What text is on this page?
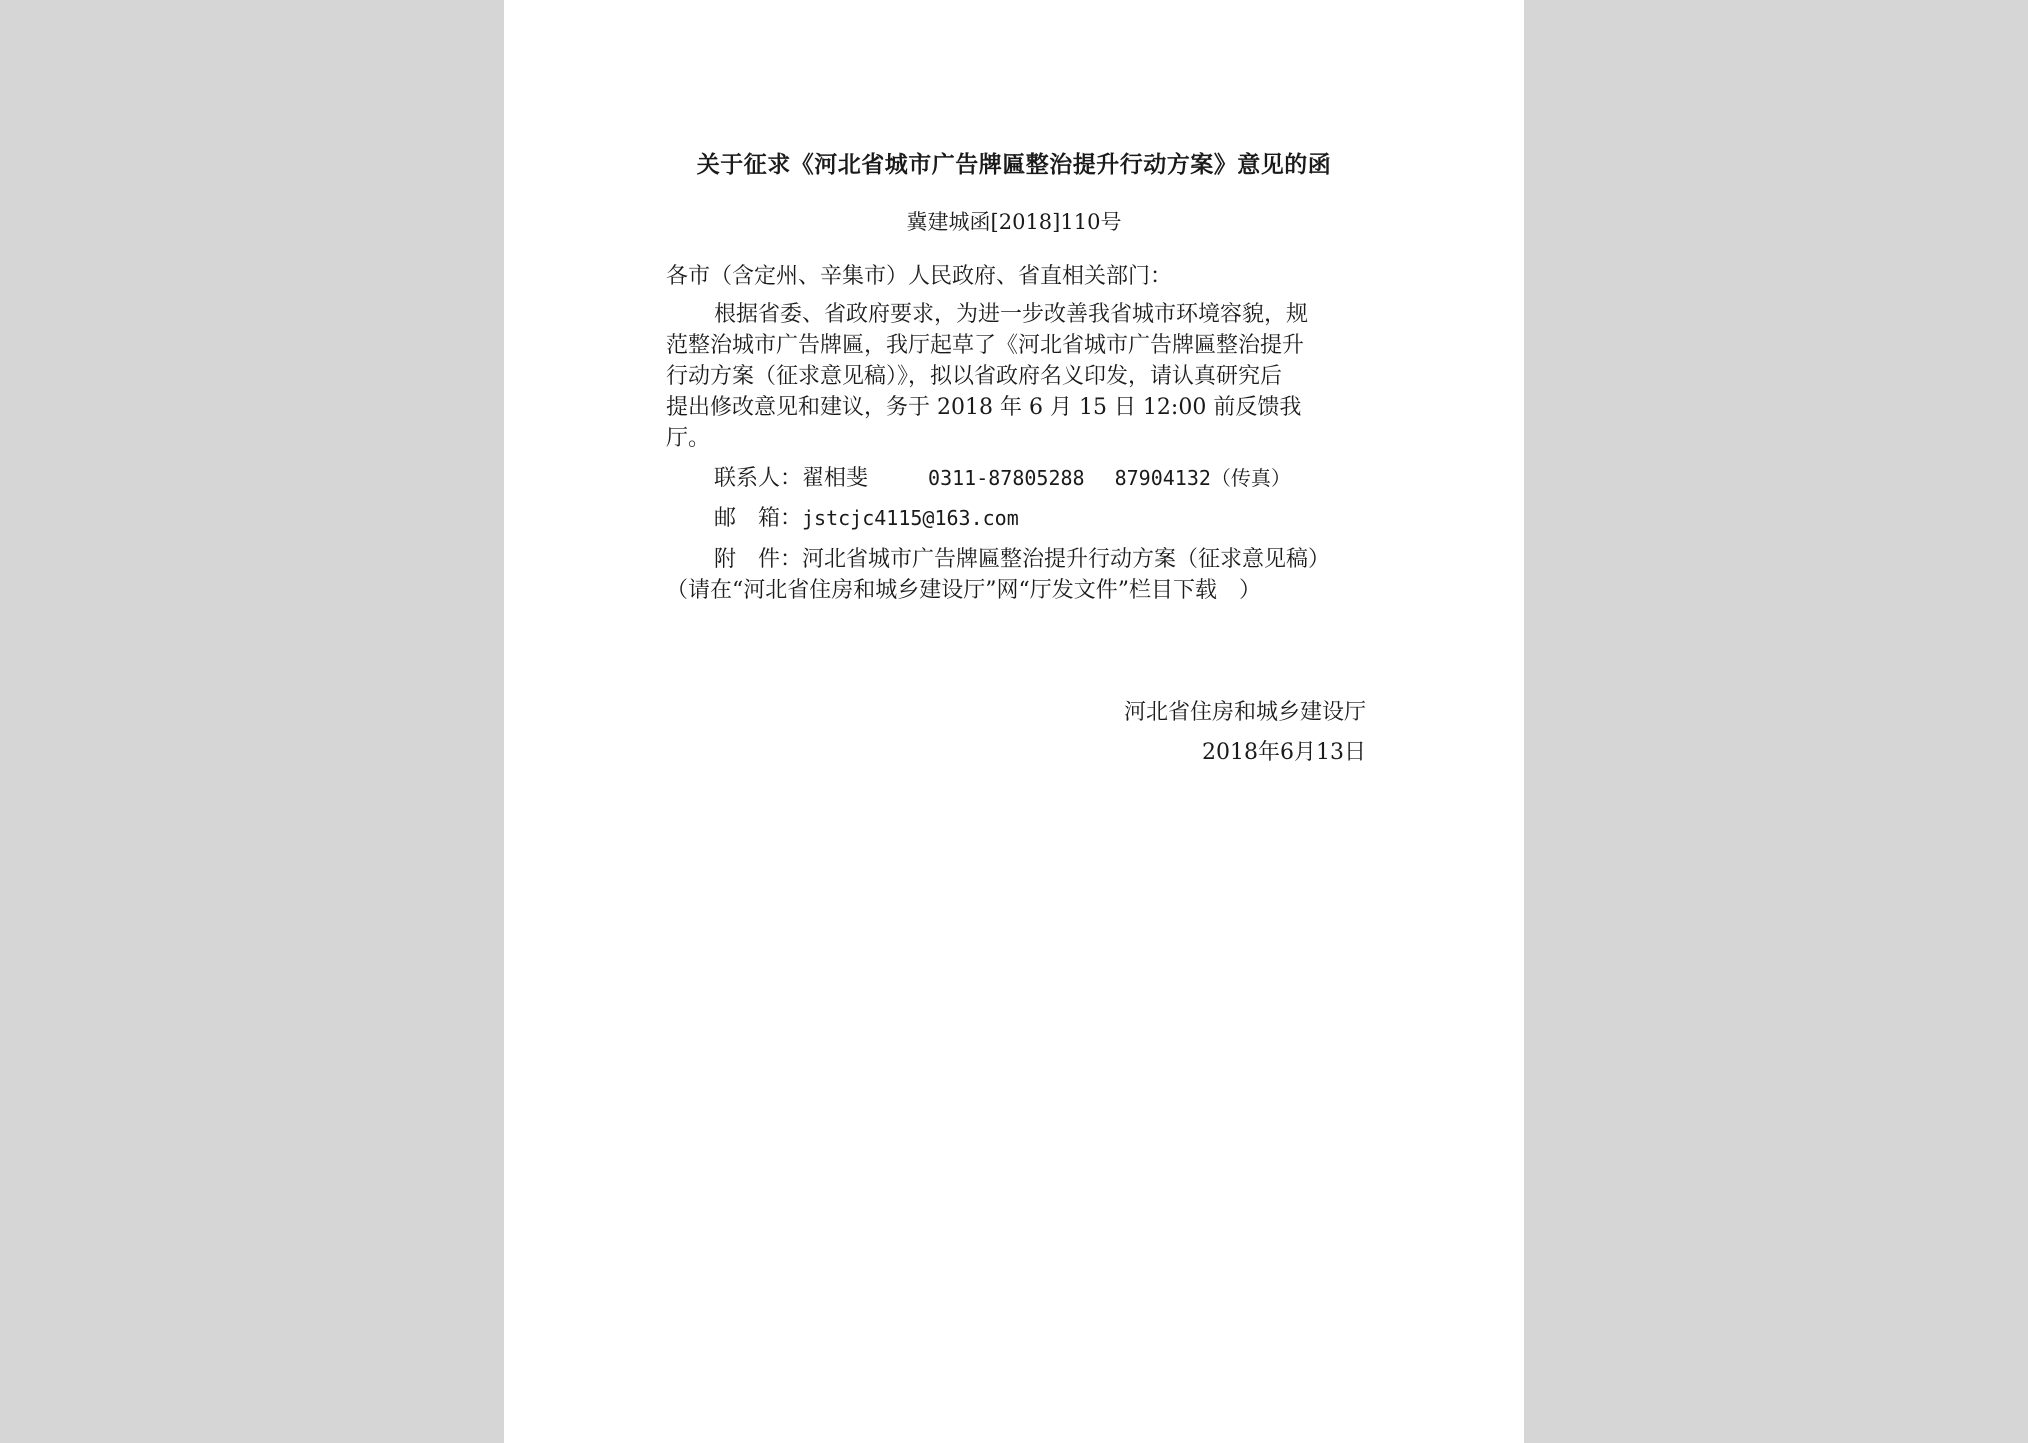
关于征求《河北省城市广告牌匾整治提升行动方案》意见的函
冀建城函[2018]110号
各市（含定州、辛集市）人民政府、省直相关部门：
根据省委、省政府要求，为进一步改善我省城市环境容貌，规
范整治城市广告牌匾，我厅起草了《河北省城市广告牌匾整治提升
行动方案（征求意见稿）》，拟以省政府名义印发，请认真研究后
提出修改意见和建议，务于 2018 年 6 月 15 日 12:00 前反馈我
厅。
联系人：翟相斐	0311-87805288 87904132（传真）
邮　箱：jstcjc4115@163.com
附　件：河北省城市广告牌匾整治提升行动方案（征求意见稿）
（请在“河北省住房和城乡建设厅”网“厅发文件”栏目下载　）
河北省住房和城乡建设厅
2018年6月13日
